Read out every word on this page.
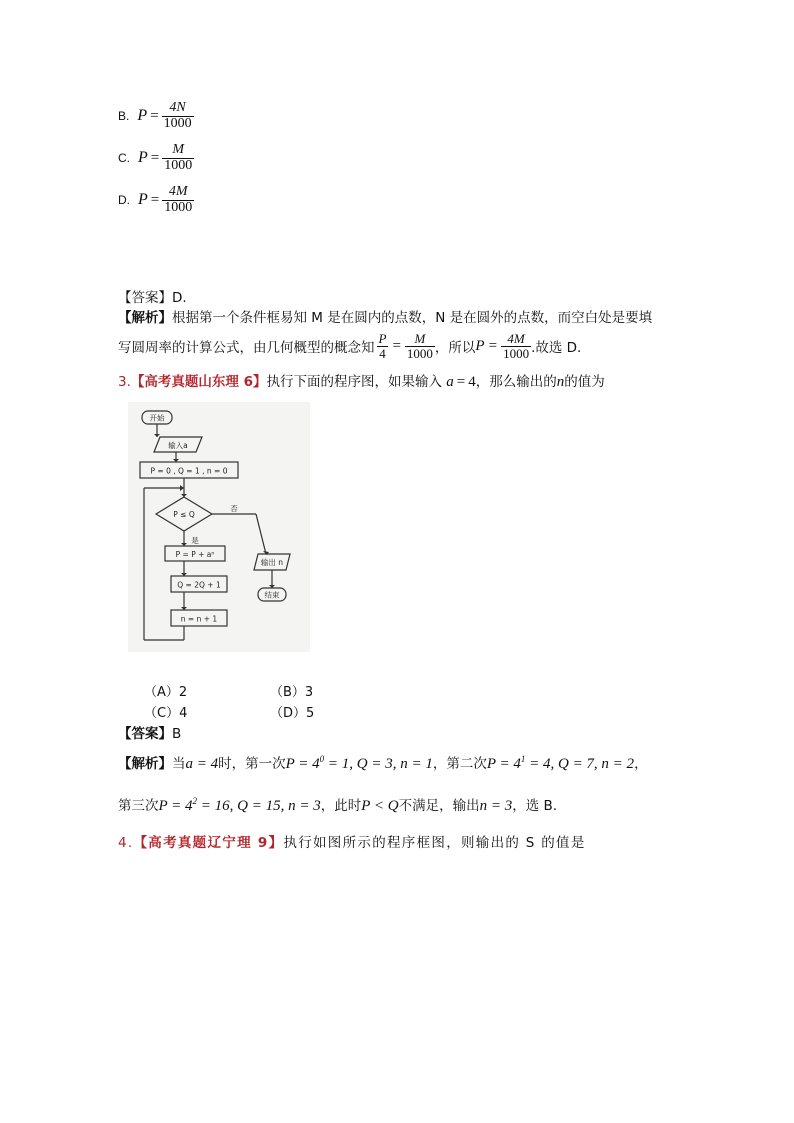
B. $P = \frac{4N}{1000}$
C. $P = \frac{M}{1000}$
D. $P = \frac{4M}{1000}$
【答案】D.
【解析】根据第一个条件框易知 M 是在圆内的点数，N 是在圆外的点数，而空白处是要填
写圆周率的计算公式，由几何概型的概念知 $\frac{P}{4} = \frac{M}{1000}$ ，所以 $P = \frac{4M}{1000}$ .故选 D.
3.【高考真题山东理 6】执行下面的程序图，如果输入 a = 4，那么输出的n的值为
开始
输入a
P = 0 , Q = 1 , n = 0
P ≤ Q
是
否
P = P + aⁿ
Q = 2Q + 1
n = n + 1
输出 n
结束
（A）2	（B）3
（C）4	（D）5
【答案】B
【解析】当a = 4时，第一次$P = 4^0 = 1$, Q = 3, n = 1，第二次$P = 4^1 = 4$, Q = 7, n = 2，
第三次$P = 4^2 = 16$, Q = 15, n = 3，此时P < Q不满足，输出n = 3，选 B.
4.【高考真题辽宁理 9】执行如图所示的程序框图，则输出的 S 的值是
